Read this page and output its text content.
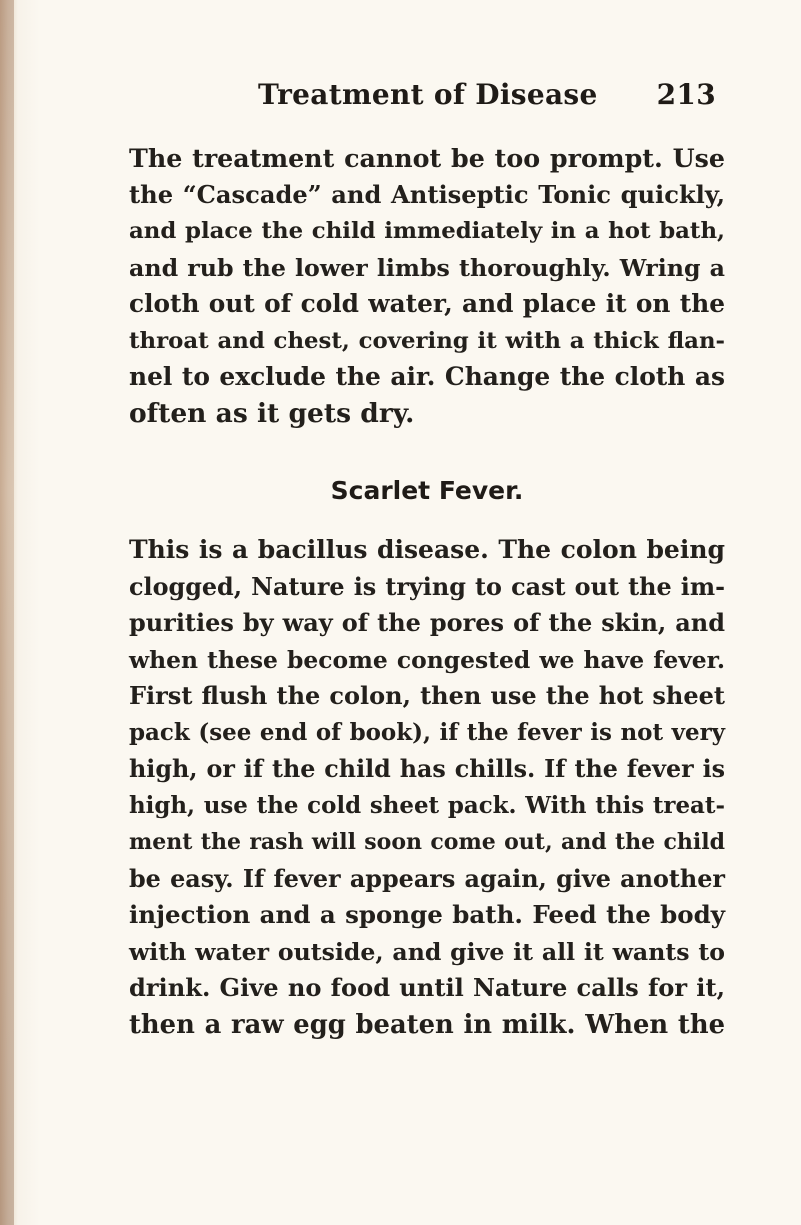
Treatment of Disease 213
The treatment cannot be too prompt. Use
the “Cascade” and Antiseptic Tonic quickly,
and place the child immediately in a hot bath,
and rub the lower limbs thoroughly. Wring a
cloth out of cold water, and place it on the
throat and chest, covering it with a thick flan-
nel to exclude the air. Change the cloth as
often as it gets dry.
Scarlet Fever.
This is a bacillus disease. The colon being
clogged, Nature is trying to cast out the im-
purities by way of the pores of the skin, and
when these become congested we have fever.
First flush the colon, then use the hot sheet
pack (see end of book), if the fever is not very
high, or if the child has chills. If the fever is
high, use the cold sheet pack. With this treat-
ment the rash will soon come out, and the child
be easy. If fever appears again, give another
injection and a sponge bath. Feed the body
with water outside, and give it all it wants to
drink. Give no food until Nature calls for it,
then a raw egg beaten in milk. When the
